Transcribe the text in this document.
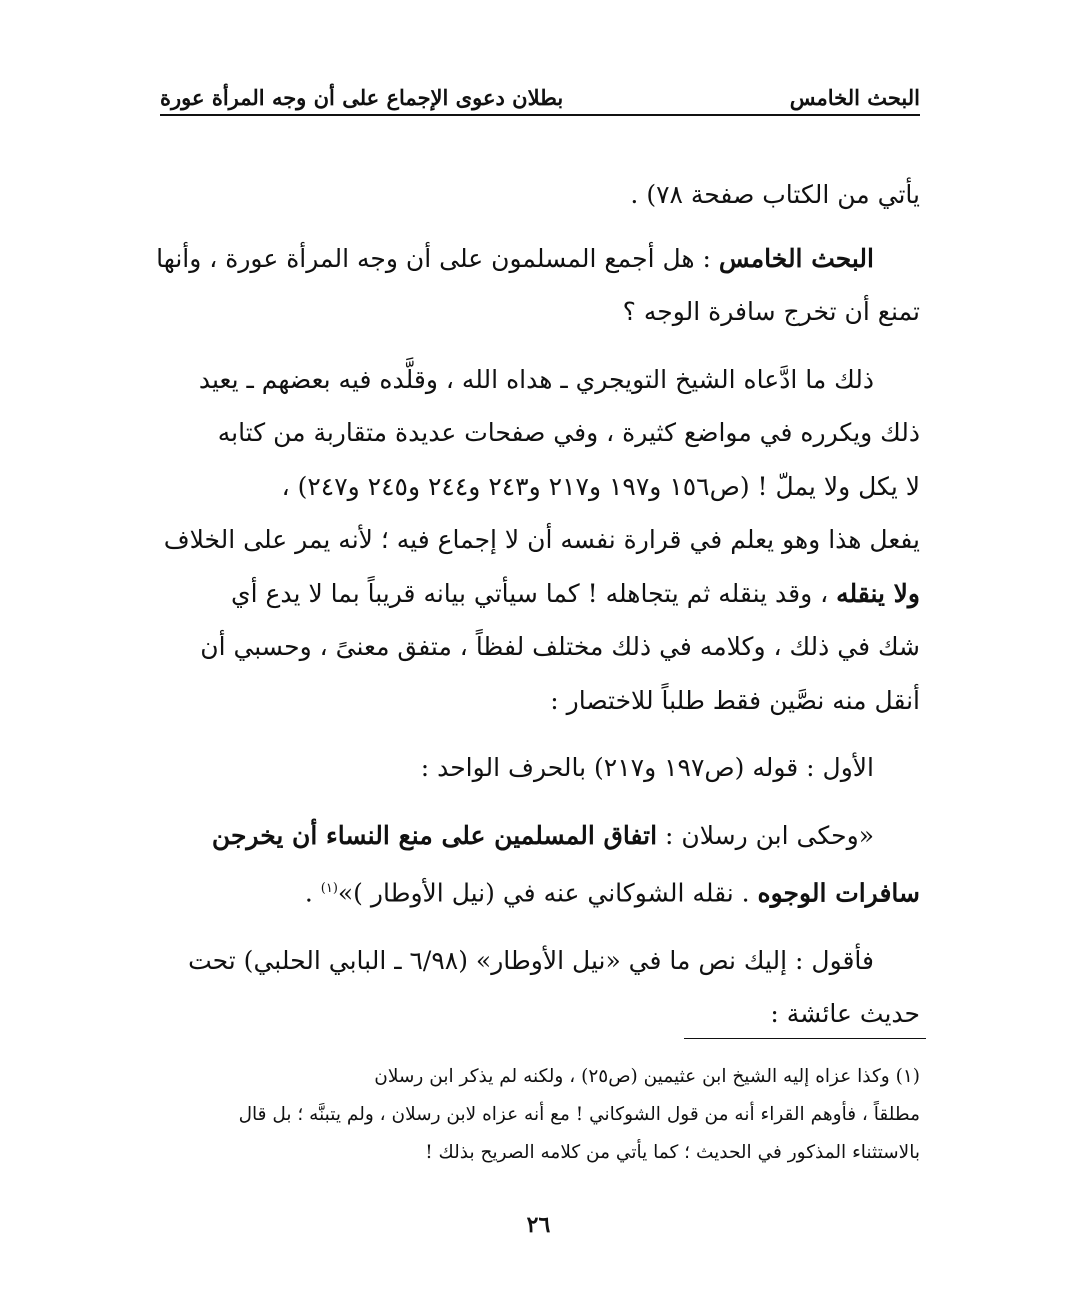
البحث الخامس
بطلان دعوى الإجماع على أن وجه المرأة عورة

يأتي من الكتاب صفحة ٧٨) .

البحث الخامس : هل أجمع المسلمون على أن وجه المرأة عورة ، وأنها
تمنع أن تخرج سافرة الوجه ؟

ذلك ما ادَّعاه الشيخ التويجري ـ هداه الله ، وقلَّده فيه بعضهم ـ يعيد
ذلك ويكرره في مواضع كثيرة ، وفي صفحات عديدة متقاربة من كتابه
لا يكل ولا يملّ ! (ص١٥٦ و١٩٧ و٢١٧ و٢٤٣ و٢٤٤ و٢٤٥ و٢٤٧) ،
يفعل هذا وهو يعلم في قرارة نفسه أن لا إجماع فيه ؛ لأنه يمر على الخلاف
ولا ينقله ، وقد ينقله ثم يتجاهله ! كما سيأتي بيانه قريباً بما لا يدع أي
شك في ذلك ، وكلامه في ذلك مختلف لفظاً ، متفق معنىً ، وحسبي أن
أنقل منه نصَّين فقط طلباً للاختصار :

الأول : قوله (ص١٩٧ و٢١٧) بالحرف الواحد :

«وحكى ابن رسلان : اتفاق المسلمين على منع النساء أن يخرجن
سافرات الوجوه . نقله الشوكاني عنه في (نيل الأوطار )»$^{(١)}$ .

فأقول : إليك نص ما في «نيل الأوطار» (٦/٩٨ ـ البابي الحلبي) تحت
حديث عائشة :

(١) وكذا عزاه إليه الشيخ ابن عثيمين (ص٢٥) ، ولكنه لم يذكر ابن رسلان
مطلقاً ، فأوهم القراء أنه من قول الشوكاني ! مع أنه عزاه لابن رسلان ، ولم يتبنَّه ؛ بل قال
بالاستثناء المذكور في الحديث ؛ كما يأتي من كلامه الصريح بذلك !
٢٦
